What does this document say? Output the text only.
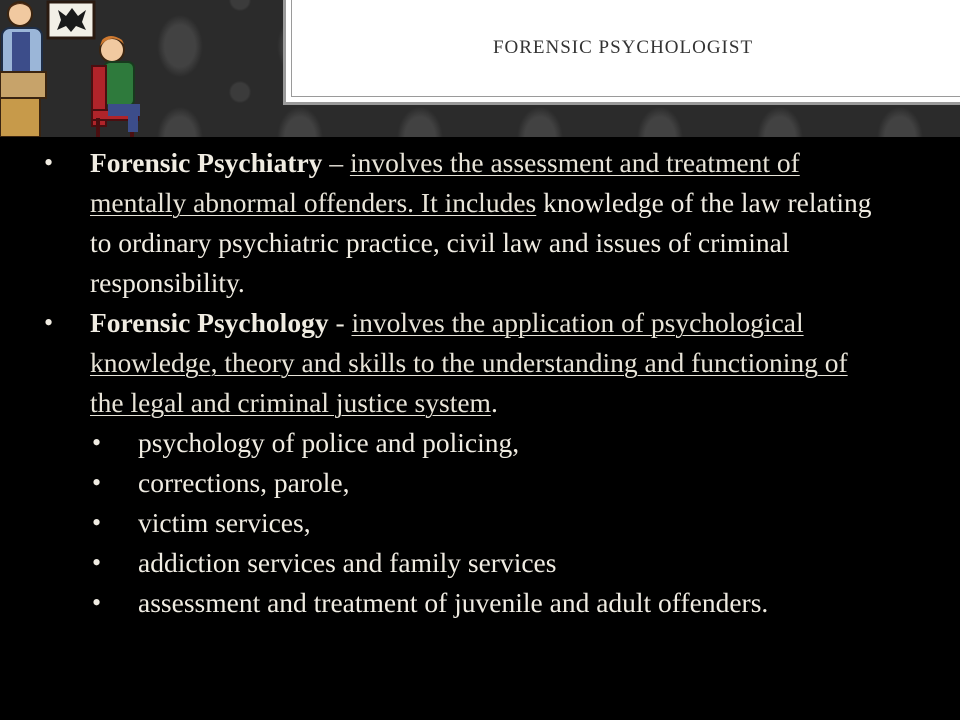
FORENSIC PSYCHOLOGIST
• Forensic Psychiatry – involves the assessment and treatment of mentally abnormal offenders. It includes knowledge of the law relating to ordinary psychiatric practice, civil law and issues of criminal responsibility.
• Forensic Psychology - involves the application of psychological knowledge, theory and skills to the understanding and functioning of the legal and criminal justice system.
• psychology of police and policing,
• corrections, parole,
• victim services,
• addiction services and family services
• assessment and treatment of juvenile and adult offenders.
